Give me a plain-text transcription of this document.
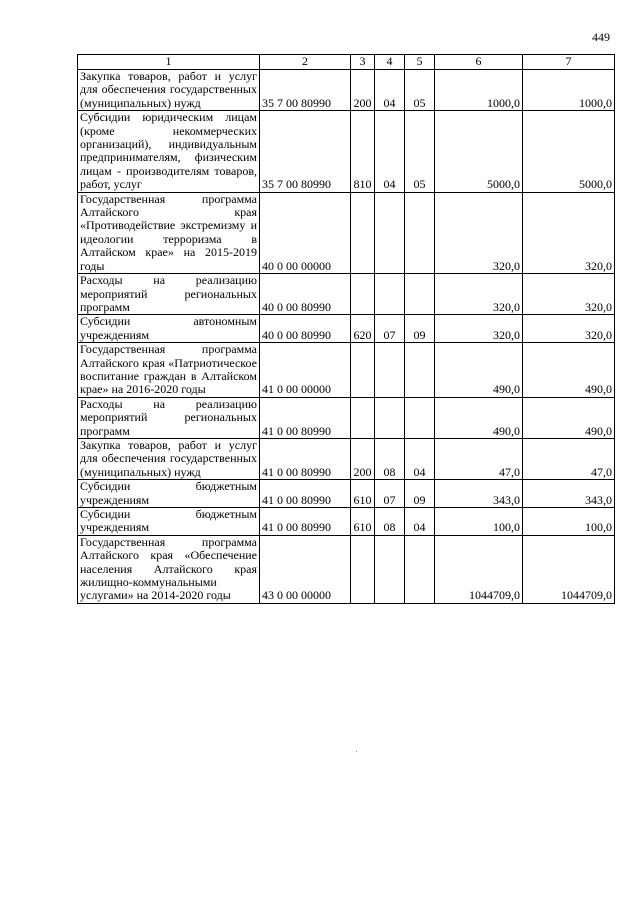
449
1	2	3	4	5	6	7
Закупка товаров, работ и услуг для обеспечения государственных (муниципальных) нужд	35 7 00 80990	200	04	05	1000,0	1000,0
Субсидии юридическим лицам (кроме некоммерческих организаций), индивидуальным предпринимателям, физическим лицам - производителям товаров, работ, услуг	35 7 00 80990	810	04	05	5000,0	5000,0
Государственная программа Алтайского края «Противодействие экстремизму и идеологии терроризма в Алтайском крае» на 2015-2019 годы	40 0 00 00000				320,0	320,0
Расходы на реализацию мероприятий региональных программ	40 0 00 80990				320,0	320,0
Субсидии автономным учреждениям	40 0 00 80990	620	07	09	320,0	320,0
Государственная программа Алтайского края «Патриотическое воспитание граждан в Алтайском крае» на 2016-2020 годы	41 0 00 00000				490,0	490,0
Расходы на реализацию мероприятий региональных программ	41 0 00 80990				490,0	490,0
Закупка товаров, работ и услуг для обеспечения государственных (муниципальных) нужд	41 0 00 80990	200	08	04	47,0	47,0
Субсидии бюджетным учреждениям	41 0 00 80990	610	07	09	343,0	343,0
Субсидии бюджетным учреждениям	41 0 00 80990	610	08	04	100,0	100,0
Государственная программа Алтайского края «Обеспечение населения Алтайского края жилищно-коммунальными услугами» на 2014-2020 годы	43 0 00 00000				1044709,0	1044709,0
